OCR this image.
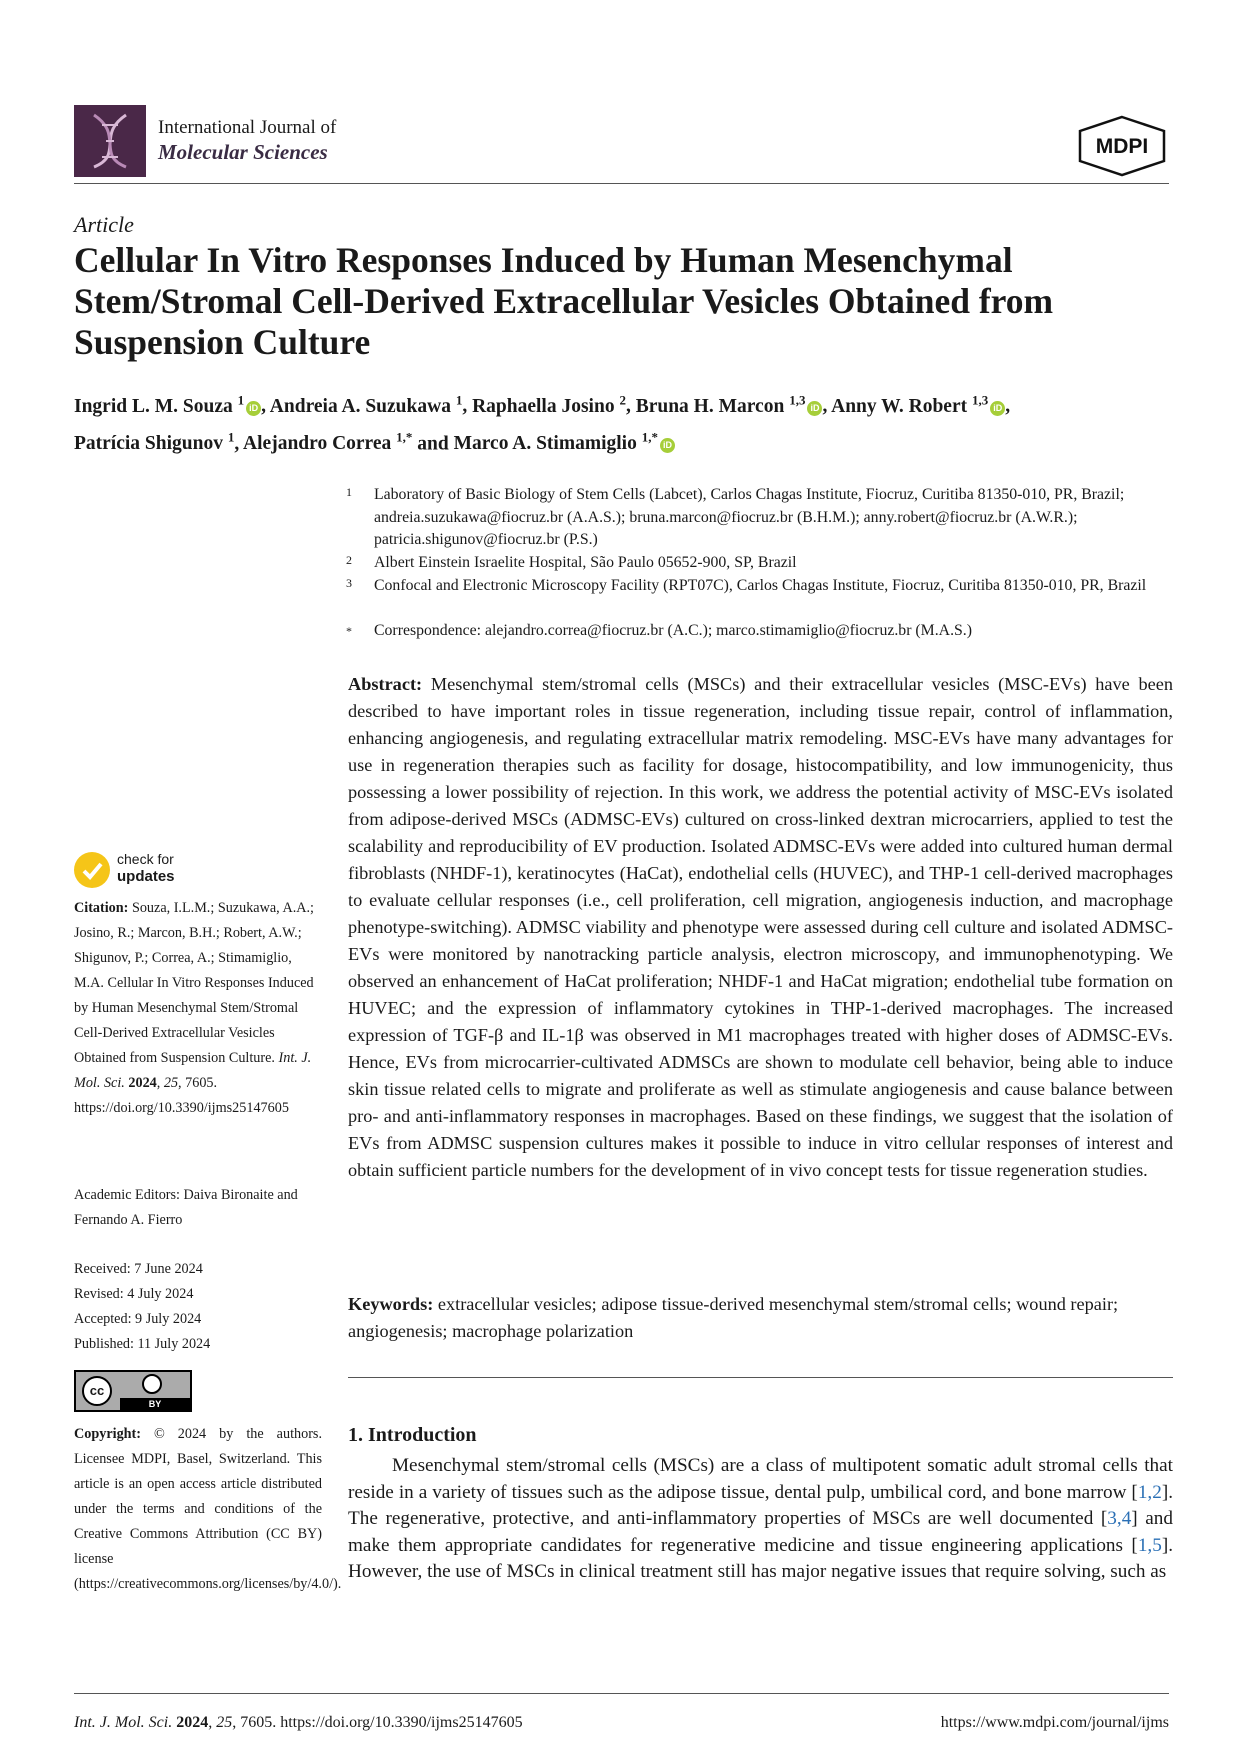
International Journal of
Molecular Sciences	MDPI
Article
Cellular In Vitro Responses Induced by Human Mesenchymal Stem/Stromal Cell-Derived Extracellular Vesicles Obtained from Suspension Culture
Ingrid L. M. Souza $^1$iD , Andreia A. Suzukawa $^1$, Raphaella Josino $^2$, Bruna H. Marcon $^{1,3}$iD , Anny W. Robert $^{1,3}$iD ,
Patrícia Shigunov $^1$, Alejandro Correa $^{1,*}$ and Marco A. Stimamiglio $^{1,*}$iD
1 Laboratory of Basic Biology of Stem Cells (Labcet), Carlos Chagas Institute, Fiocruz, Curitiba 81350-010, PR, Brazil; andreia.suzukawa@fiocruz.br (A.A.S.); bruna.marcon@fiocruz.br (B.H.M.); anny.robert@fiocruz.br (A.W.R.); patricia.shigunov@fiocruz.br (P.S.)
2 Albert Einstein Israelite Hospital, São Paulo 05652-900, SP, Brazil
3 Confocal and Electronic Microscopy Facility (RPT07C), Carlos Chagas Institute, Fiocruz, Curitiba 81350-010, PR, Brazil
* Correspondence: alejandro.correa@fiocruz.br (A.C.); marco.stimamiglio@fiocruz.br (M.A.S.)
Abstract: Mesenchymal stem/stromal cells (MSCs) and their extracellular vesicles (MSC-EVs) have been described to have important roles in tissue regeneration, including tissue repair, control of inflammation, enhancing angiogenesis, and regulating extracellular matrix remodeling. MSC-EVs have many advantages for use in regeneration therapies such as facility for dosage, histocompatibility, and low immunogenicity, thus possessing a lower possibility of rejection. In this work, we address the potential activity of MSC-EVs isolated from adipose-derived MSCs (ADMSC-EVs) cultured on cross-linked dextran microcarriers, applied to test the scalability and reproducibility of EV production. Isolated ADMSC-EVs were added into cultured human dermal fibroblasts (NHDF-1), keratinocytes (HaCat), endothelial cells (HUVEC), and THP-1 cell-derived macrophages to evaluate cellular responses (i.e., cell proliferation, cell migration, angiogenesis induction, and macrophage phenotype-switching). ADMSC viability and phenotype were assessed during cell culture and isolated ADMSC-EVs were monitored by nanotracking particle analysis, electron microscopy, and immunophenotyping. We observed an enhancement of HaCat proliferation; NHDF-1 and HaCat migration; endothelial tube formation on HUVEC; and the expression of inflammatory cytokines in THP-1-derived macrophages. The increased expression of TGF-β and IL-1β was observed in M1 macrophages treated with higher doses of ADMSC-EVs. Hence, EVs from microcarrier-cultivated ADMSCs are shown to modulate cell behavior, being able to induce skin tissue related cells to migrate and proliferate as well as stimulate angiogenesis and cause balance between pro- and anti-inflammatory responses in macrophages. Based on these findings, we suggest that the isolation of EVs from ADMSC suspension cultures makes it possible to induce in vitro cellular responses of interest and obtain sufficient particle numbers for the development of in vivo concept tests for tissue regeneration studies.
Keywords: extracellular vesicles; adipose tissue-derived mesenchymal stem/stromal cells; wound repair; angiogenesis; macrophage polarization
1. Introduction
Mesenchymal stem/stromal cells (MSCs) are a class of multipotent somatic adult stromal cells that reside in a variety of tissues such as the adipose tissue, dental pulp, umbilical cord, and bone marrow [1,2]. The regenerative, protective, and anti-inflammatory properties of MSCs are well documented [3,4] and make them appropriate candidates for regenerative medicine and tissue engineering applications [1,5]. However, the use of MSCs in clinical treatment still has major negative issues that require solving, such as
check for
updates
Citation: Souza, I.L.M.; Suzukawa, A.A.; Josino, R.; Marcon, B.H.; Robert, A.W.; Shigunov, P.; Correa, A.; Stimamiglio, M.A. Cellular In Vitro Responses Induced by Human Mesenchymal Stem/Stromal Cell-Derived Extracellular Vesicles Obtained from Suspension Culture. Int. J. Mol. Sci. 2024, 25, 7605.
https://doi.org/10.3390/ijms25147605
Academic Editors: Daiva Bironaite and Fernando A. Fierro
Received: 7 June 2024
Revised: 4 July 2024
Accepted: 9 July 2024
Published: 11 July 2024
cc
BY
Copyright: © 2024 by the authors. Licensee MDPI, Basel, Switzerland. This article is an open access article distributed under the terms and conditions of the Creative Commons Attribution (CC BY) license (https://creativecommons.org/licenses/by/4.0/).
Int. J. Mol. Sci. 2024, 25, 7605. https://doi.org/10.3390/ijms25147605	https://www.mdpi.com/journal/ijms
